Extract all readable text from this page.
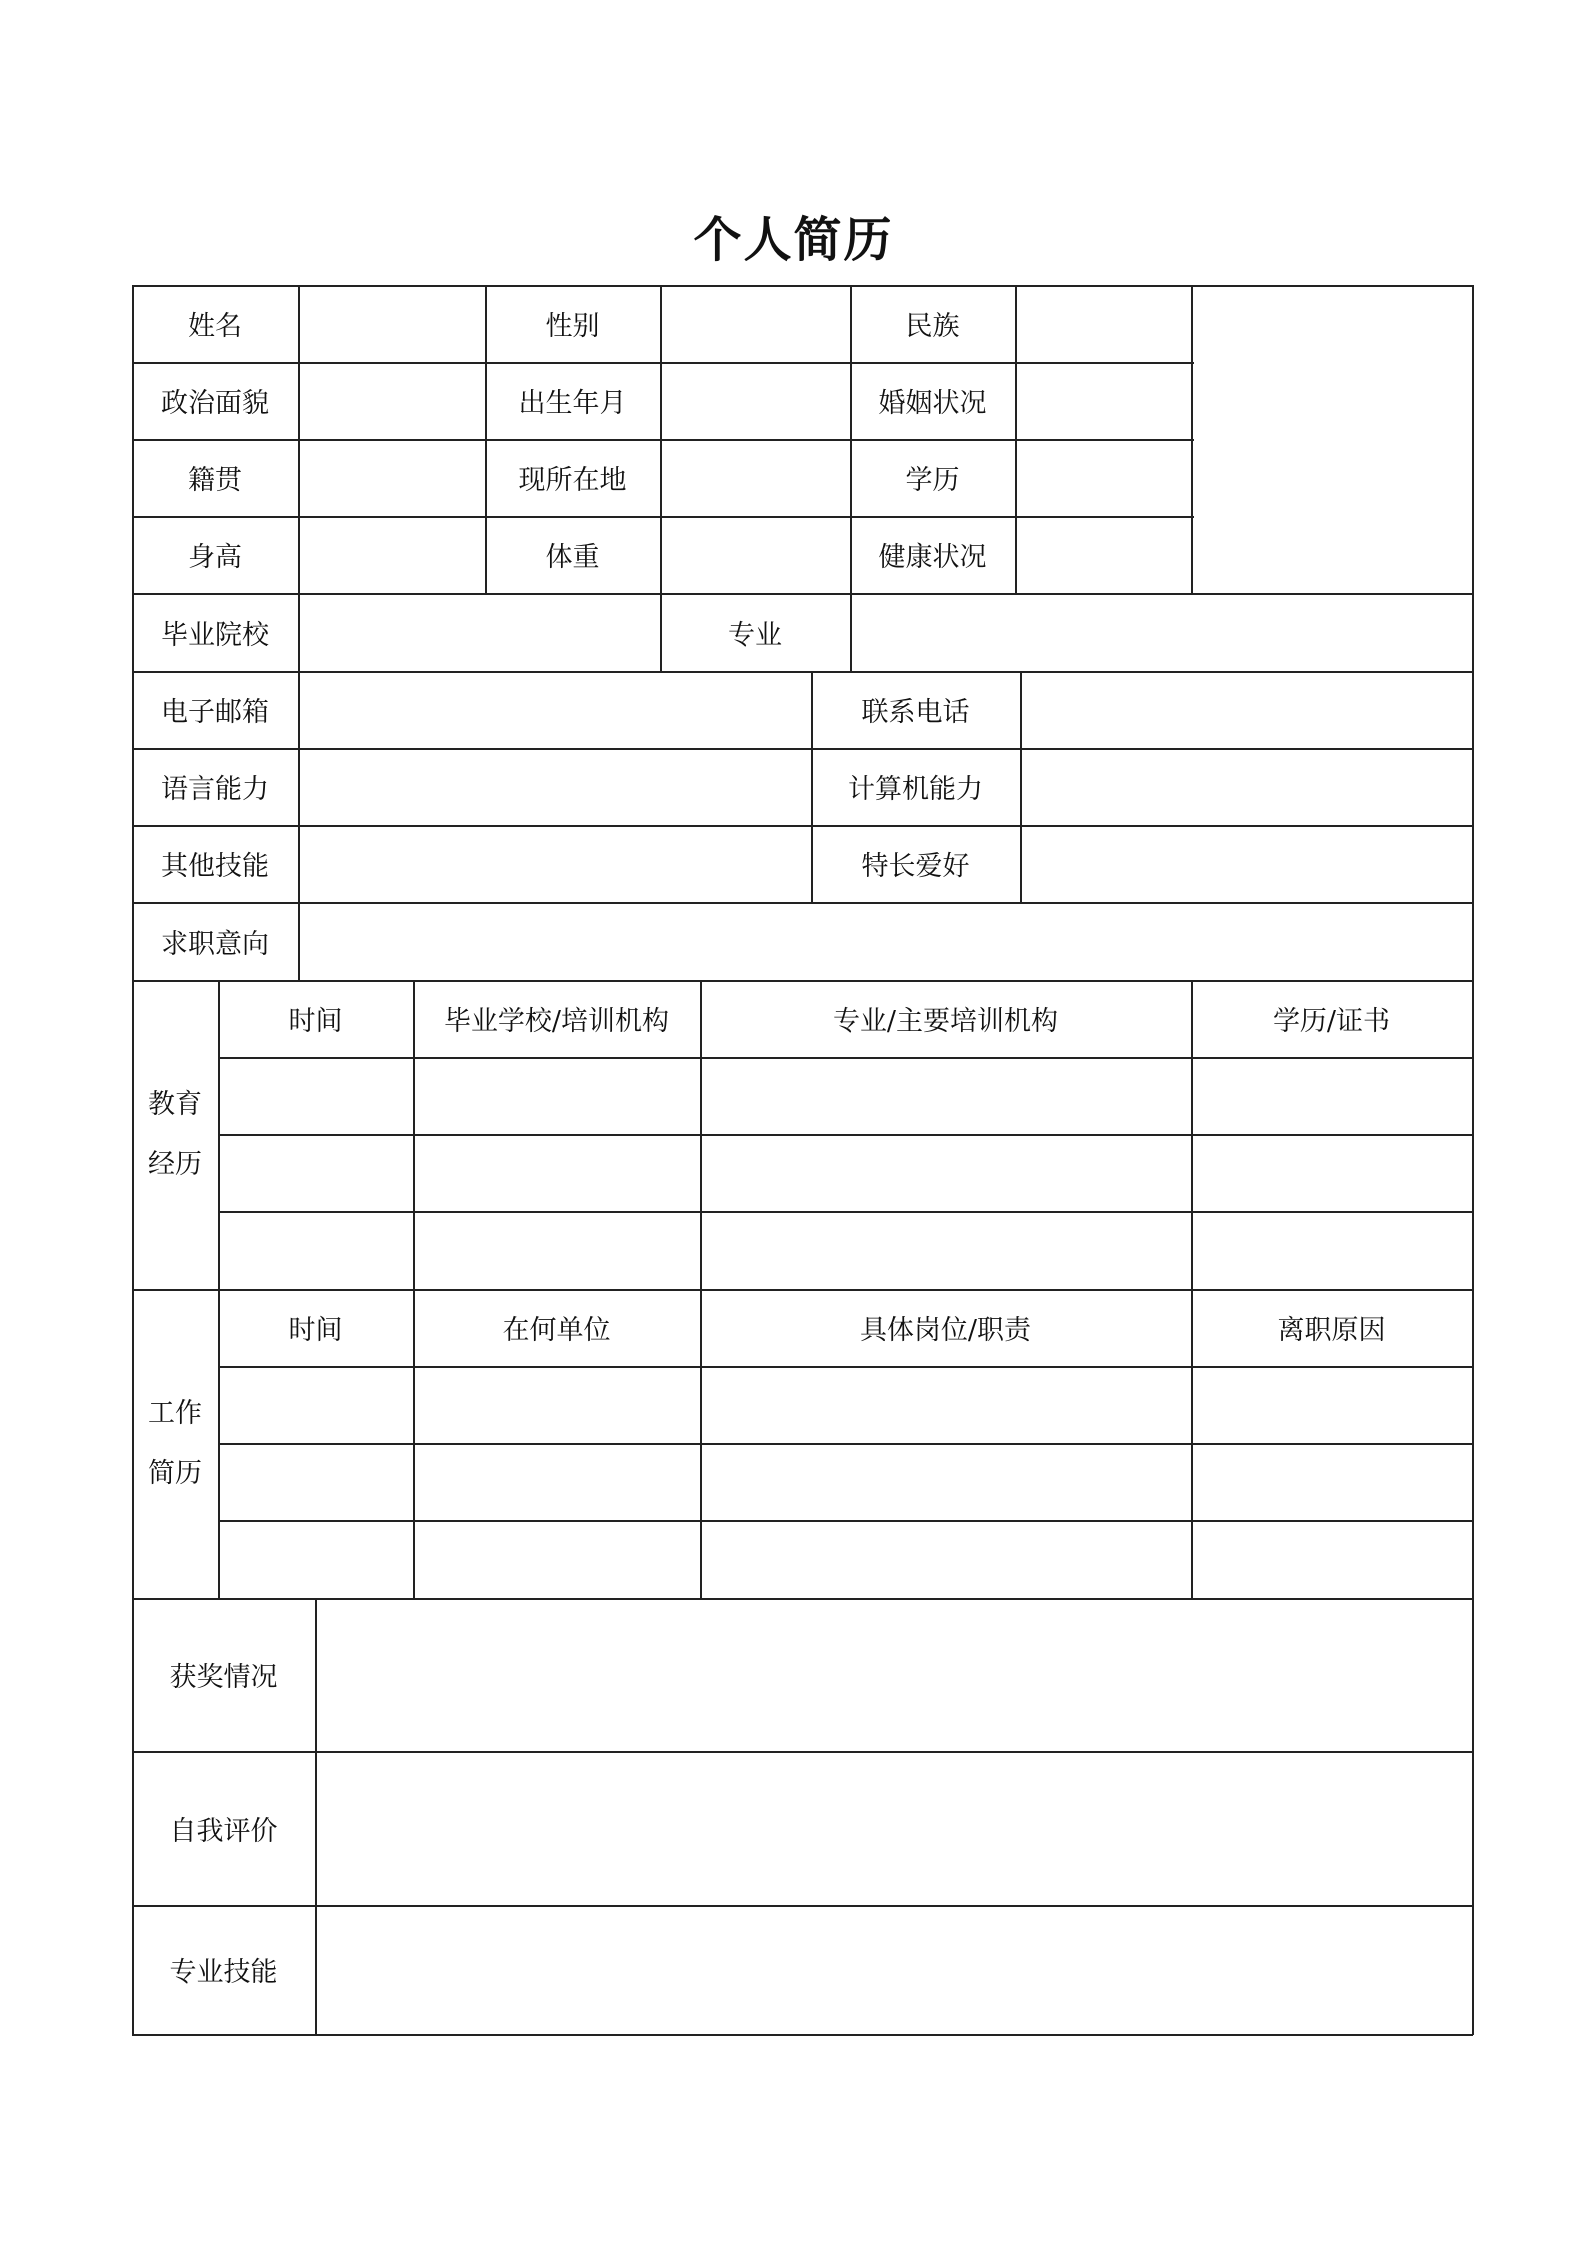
个人简历
姓名	性别	民族
政治面貌	出生年月	婚姻状况
籍贯	现所在地	学历
身高	体重	健康状况
毕业院校	专业
电子邮箱	联系电话
语言能力	计算机能力
其他技能	特长爱好
求职意向
教育
经历
时间	毕业学校/培训机构	专业/主要培训机构	学历/证书
工作
简历
时间	在何单位	具体岗位/职责	离职原因
获奖情况
自我评价
专业技能
